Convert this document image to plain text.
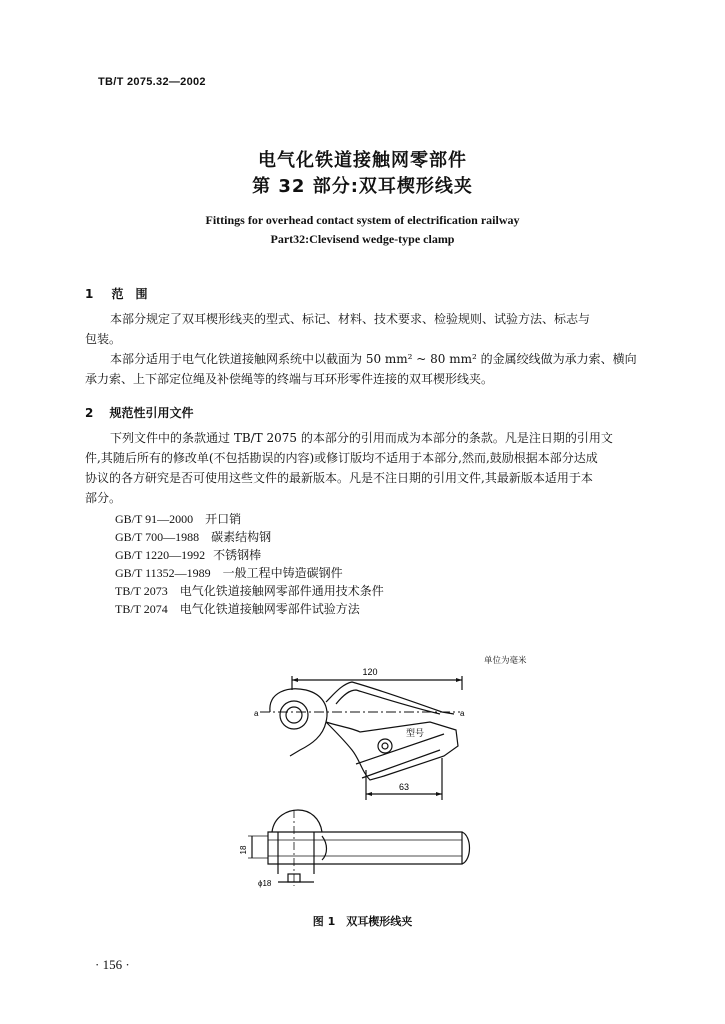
TB/T 2075.32—2002
电气化铁道接触网零部件
第 32 部分:双耳楔形线夹
Fittings for overhead contact system of electrification railway
Part32:Clevisend wedge-type clamp
1 范　围

本部分规定了双耳楔形线夹的型式、标记、材料、技术要求、检验规则、试验方法、标志与

包装。

本部分适用于电气化铁道接触网系统中以截面为 50 mm² ~ 80 mm² 的金属绞线做为承力索、横向

承力索、上下部定位绳及补偿绳等的终端与耳环形零件连接的双耳楔形线夹。

2 规范性引用文件

下列文件中的条款通过 TB/T 2075 的本部分的引用而成为本部分的条款。凡是注日期的引用文

件,其随后所有的修改单(不包括勘误的内容)或修订版均不适用于本部分,然而,鼓励根据本部分达成

协议的各方研究是否可使用这些文件的最新版本。凡是不注日期的引用文件,其最新版本适用于本

部分。

GB/T 91—2000 开口销
GB/T 700—1988 碳素结构钢
GB/T 1220—1992 不锈钢棒
GB/T 11352—1989 一般工程中铸造碳钢件
TB/T 2073 电气化铁道接触网零部件通用技术条件
TB/T 2074 电气化铁道接触网零部件试验方法
单位为毫米
120
63
a	a
型号
18
ϕ18
图 1　双耳楔形线夹
· 156 ·
